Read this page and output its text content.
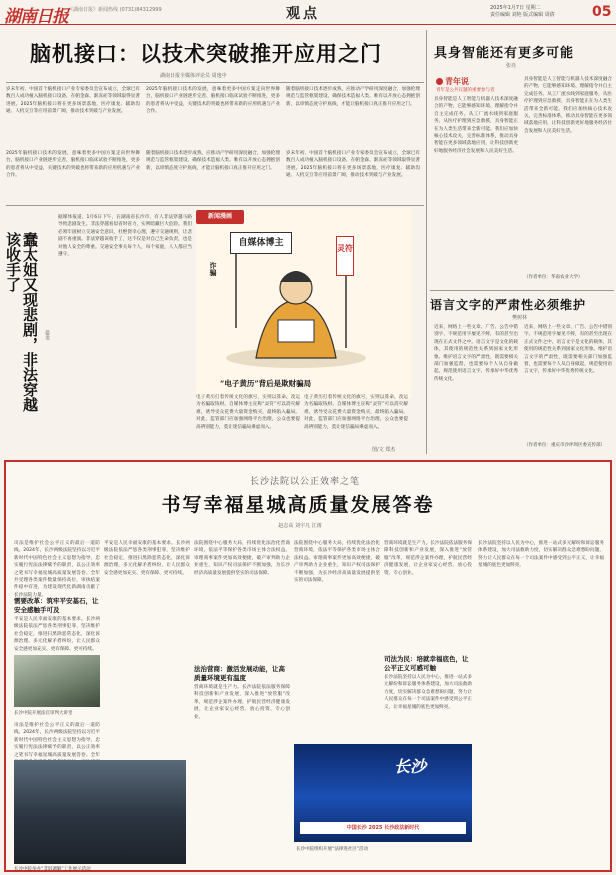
湖南日报 《湖南日报》新闻热线 (0731)84312999	观点	2025年1月7日 星期二
责任编辑 刘艳 版式编辑 周倩	05
脑机接口：以技术突破推开应用之门
湖南日报全媒体评论员 周逸中
岁末年初，中国首个脑机接口产业专家委员会宣布成立，全球已有数百人成功植入脑机接口设备，在帕金森、渐冻症等领域取得显著进展。2025年脑机接口将在更多场景落地，医疗康复、辅助沟通、人机交互等应用前景广阔，推动技术突破与产业发展。
2025年脑机接口技术的发展，意味着更多中国方案走向世界舞台，脑机接口产业链逐步完善，脑机接口临床试验不断推进，更多的患者将从中受益，关键技术的突破也将带来新的应用机遇与产业合作。
随着脑机接口技术逐步成熟，应推动产学研用深度融合，加强伦理规范与监管框架建设，确保技术造福人类。唯有以开放心态拥抱创新，以审慎态度守护底线，才能让脑机接口真正推开应用之门。
2025年脑机接口技术的发展，意味着更多中国方案走向世界舞台，脑机接口产业链逐步完善，脑机接口临床试验不断推进，更多的患者将从中受益，关键技术的突破也将带来新的应用机遇与产业合作。
随着脑机接口技术逐步成熟，应推动产学研用深度融合，加强伦理规范与监管框架建设，确保技术造福人类。唯有以开放心态拥抱创新，以审慎态度守护底线，才能让脑机接口真正推开应用之门。
岁末年初，中国首个脑机接口产业专家委员会宣布成立，全球已有数百人成功植入脑机接口设备，在帕金森、渐冻症等领域取得显著进展。2025年脑机接口将在更多场景落地，医疗康复、辅助沟通、人机交互等应用前景广阔，推动技术突破与产业发展。
蠢太姐又现悲剧，非法穿越该收手了
晏龙
据媒体报道，1月6日下午，在湖南省长沙市，有人非法穿越马路导致悲剧发生。非法穿越看似省时省力，实则暗藏巨大危险。我们必须牢固树立交通安全意识，杜绝侥幸心理，遵守交通规则，让悲剧不再重演。非法穿越该收手了，这不仅是对自己生命负责，也是对他人安全的尊重。交通安全事关每个人，每个家庭，人人都应当遵守。
自媒体博主	灵符
诈骗
新闻漫画
“电子黄历”背后是欺财骗局
电子黄历打着传统文化的旗号，实则以算命、改运为名骗取钱财。自媒体博主宣称“灵符”可以消灾解难，诱导受众花费大量资金购买，最终陷入骗局。对此，监管部门应加强网络平台治理，公众也要提高辨别能力，莫让迷信骗局乘虚而入。
电子黄历打着传统文化的旗号，实则以算命、改运为名骗取钱财。自媒体博主宣称“灵符”可以消灾解难，诱导受众花费大量资金购买，最终陷入骗局。对此，监管部门应加强网络平台治理，公众也要提高辨别能力，莫让迷信骗局乘虚而入。
图/文 郑杰
具身智能还有更多可能
张亮
青年说
青年是公共议题的重要参与者
具身智能是人工智能与机器人技术深度融合的产物，它能够感知环境、理解指令并自主完成任务。从工厂流水线到家庭服务，从医疗护理到应急救援，具身智能正在为人类生活带来全新可能。我们应加快核心技术攻关，完善标准体系，推动具身智能在更多领域落地应用，让科技创新更好地服务经济社会发展和人民美好生活。
具身智能是人工智能与机器人技术深度融合的产物，它能够感知环境、理解指令并自主完成任务。从工厂流水线到家庭服务，从医疗护理到应急救援，具身智能正在为人类生活带来全新可能。我们应加快核心技术攻关，完善标准体系，推动具身智能在更多领域落地应用，让科技创新更好地服务经济社会发展和人民美好生活。
（作者单位：华南农业大学）
语言文字的严肃性必须维护
樊树林
近来，网络上一些文章、广告、公告中错别字、不规范用字屡见不鲜，有的甚至出现在正式文件之中。语言文字是文化的载体，其使用的规范性关系到国家文化形象。维护语言文字的严肃性，既需要相关部门加强监督，也需要每个人从自身做起，规范使用语言文字，传承好中华优秀传统文化。
近来，网络上一些文章、广告、公告中错别字、不规范用字屡见不鲜，有的甚至出现在正式文件之中。语言文字是文化的载体，其使用的规范性关系到国家文化形象。维护语言文字的严肃性，既需要相关部门加强监督，也需要每个人从自身做起，规范使用语言文字，传承好中华优秀传统文化。
（作者单位：重庆市沙坪坝区委宣传部）
长沙法院以公正效率之笔
书写幸福星城高质量发展答卷
赵志高 刘宇凡 江雨
司法是维护社会公平正义的最后一道防线。2024年，长沙两级法院坚持以习近平新时代中国特色社会主义思想为指导，忠实履行宪法法律赋予的职责，以公正效率之笔书写幸福星城高质量发展答卷。全年共受理各类案件数量保持高位，审执结案件稳中有进，为建设现代化新湖南贡献了长沙法院力量。
需要改革：筑牢平安基石，让安全感触手可及
平安是人民幸福安康的基本要求。长沙两级法院依法严惩各类刑事犯罪，坚决维护社会稳定，推进扫黑除恶常态化，深化诉源治理，多元化解矛盾纠纷，让人民群众安全感更加充实、更有保障、更可持续。
长沙中院开展法官审判大讲堂
司法是维护社会公平正义的最后一道防线。2024年，长沙两级法院坚持以习近平新时代中国特色社会主义思想为指导，忠实履行宪法法律赋予的职责，以公正效率之笔书写幸福星城高质量发展答卷。全年
平安是人民幸福安康的基本要求。长沙两级法院依法严惩各类刑事犯罪，坚决维护社会稳定，推进扫黑除恶常态化，深化诉源治理，多元化解矛盾纠纷，让人民群众安全感更加充实、更有保障、更可持续。
法院围绕中心服务大局，持续优化法治化营商环境，依法平等保护各类市场主体合法权益。审理商事案件更加高效便捷，破产审判助力企业重生，知识产权司法保护不断加强，为长沙经济高质量发展提供坚实的司法保障。
法治营商：激活发展动能，让高质量环境更有温度
营商环境就是生产力。长沙法院依法服务保障科技创新和产业发展，深入推进“放管服”改革，规范涉企案件办理，护航民营经济健康发展，让企业家安心经营、放心投资、专心创业。
法院围绕中心服务大局，持续优化法治化营商环境，依法平等保护各类市场主体合法权益。审理商事案件更加高效便捷，破产审判助力企业重生，知识产权司法保护不断加强，为长沙经济高质量发展提供坚实的司法保障。
营商环境就是生产力。长沙法院依法服务保障科技创新和产业发展，深入推进“放管服”改革，规范涉企案件办理，护航民营经济健康发展，让企业家安心经营、放心投资、专心创业。
司法为民：培就幸福底色，让公平正义可感可触
长沙法院坚持以人民为中心，推进一站式多元解纷和诉讼服务体系建设，加大司法救助力度，切实解决群众急难愁盼问题，努力让人民群众在每一个司法案件中感受到公平正义，让幸福星城的底色更加鲜亮。
长沙法院坚持以人民为中心，推进一站式多元解纷和诉讼服务体系建设，加大司法救助力度，切实解决群众急难愁盼问题，努力让人民群众在每一个司法案件中感受到公平正义，让幸福星城的底色更加鲜亮。
长沙中院举办“非诉调解”工作展示活动
长沙
中国长沙 2025 长沙政法新时代
长沙中院组织开展“法律进社区”活动
